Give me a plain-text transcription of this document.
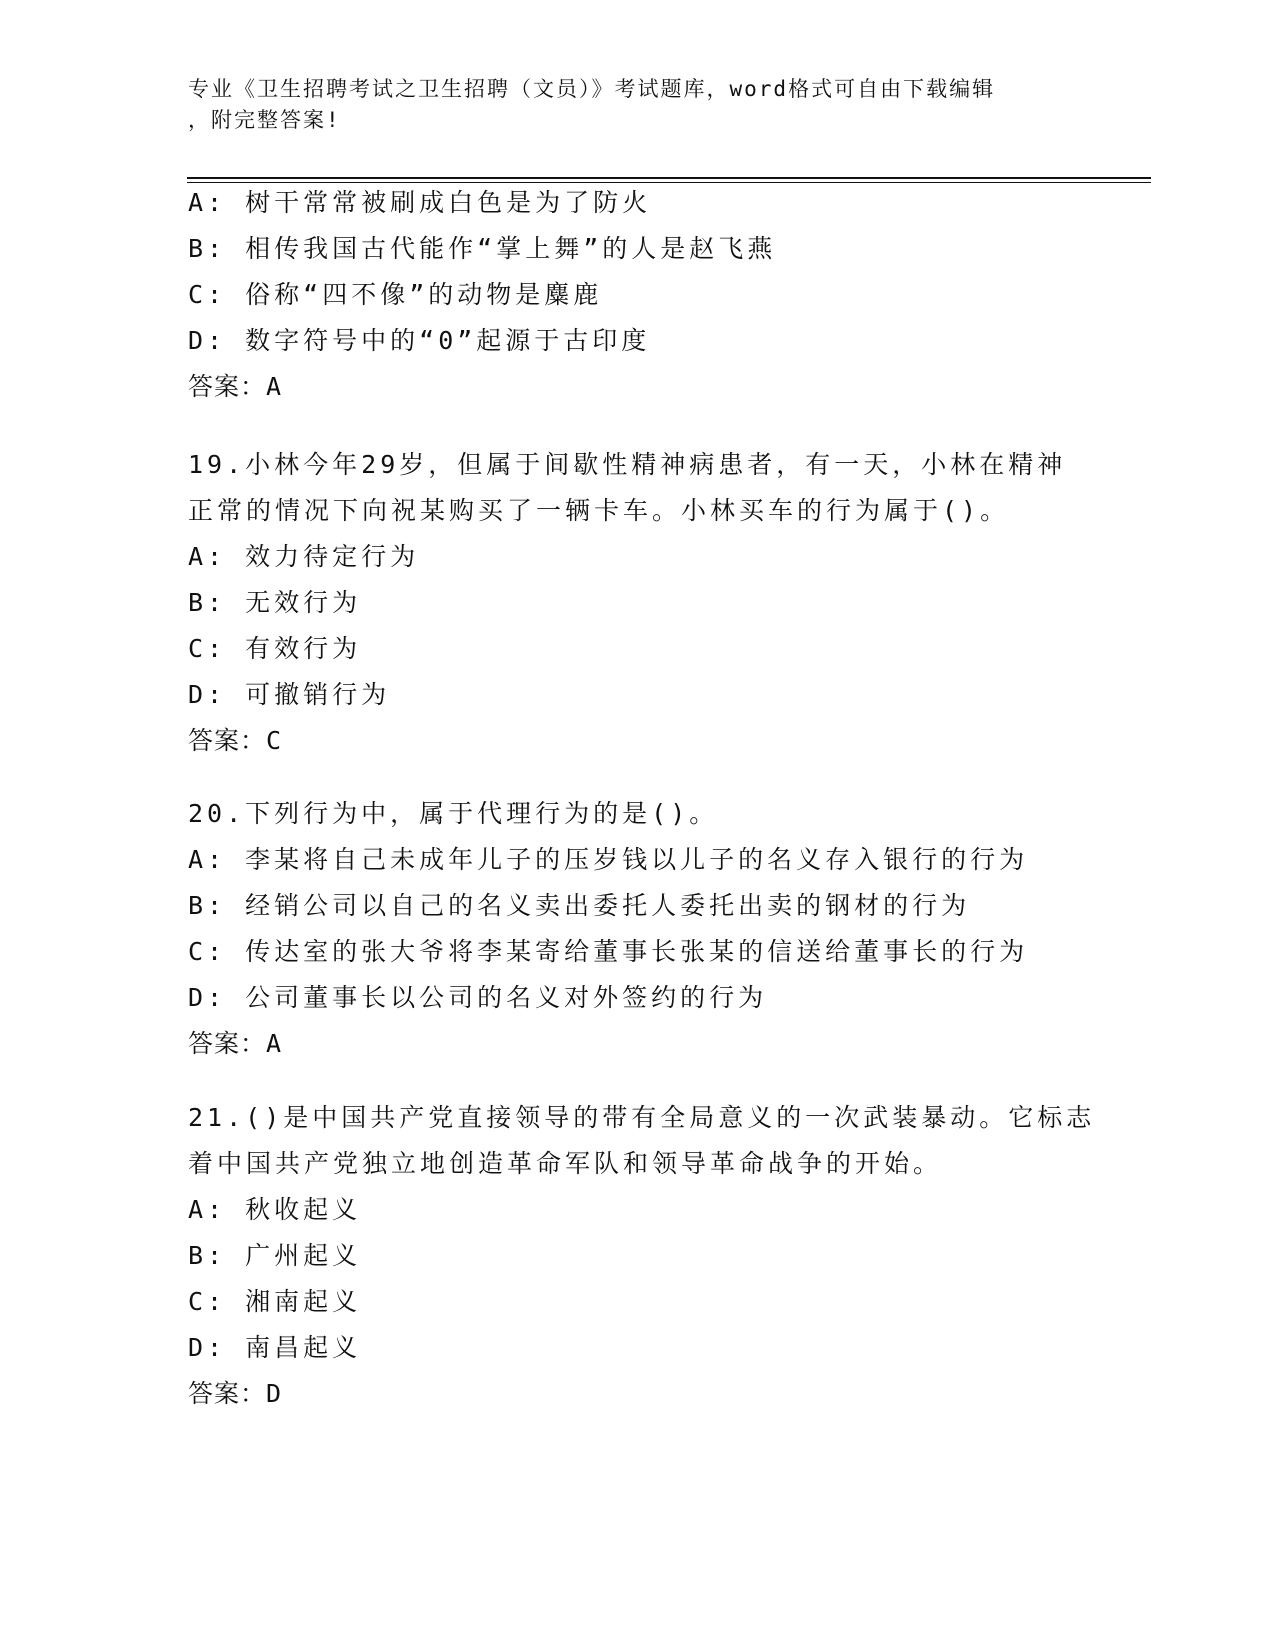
专业《卫生招聘考试之卫生招聘（文员）》考试题库，word格式可自由下载编辑
，附完整答案!
A: 树干常常被刷成白色是为了防火
B: 相传我国古代能作“掌上舞”的人是赵飞燕
C: 俗称“四不像”的动物是麋鹿
D: 数字符号中的“0”起源于古印度
答案：A
19.小林今年29岁，但属于间歇性精神病患者，有一天，小林在精神
正常的情况下向祝某购买了一辆卡车。小林买车的行为属于()。
A: 效力待定行为
B: 无效行为
C: 有效行为
D: 可撤销行为
答案：C
20.下列行为中，属于代理行为的是()。
A: 李某将自己未成年儿子的压岁钱以儿子的名义存入银行的行为
B: 经销公司以自己的名义卖出委托人委托出卖的钢材的行为
C: 传达室的张大爷将李某寄给董事长张某的信送给董事长的行为
D: 公司董事长以公司的名义对外签约的行为
答案：A
21.()是中国共产党直接领导的带有全局意义的一次武装暴动。它标志
着中国共产党独立地创造革命军队和领导革命战争的开始。
A: 秋收起义
B: 广州起义
C: 湘南起义
D: 南昌起义
答案：D
